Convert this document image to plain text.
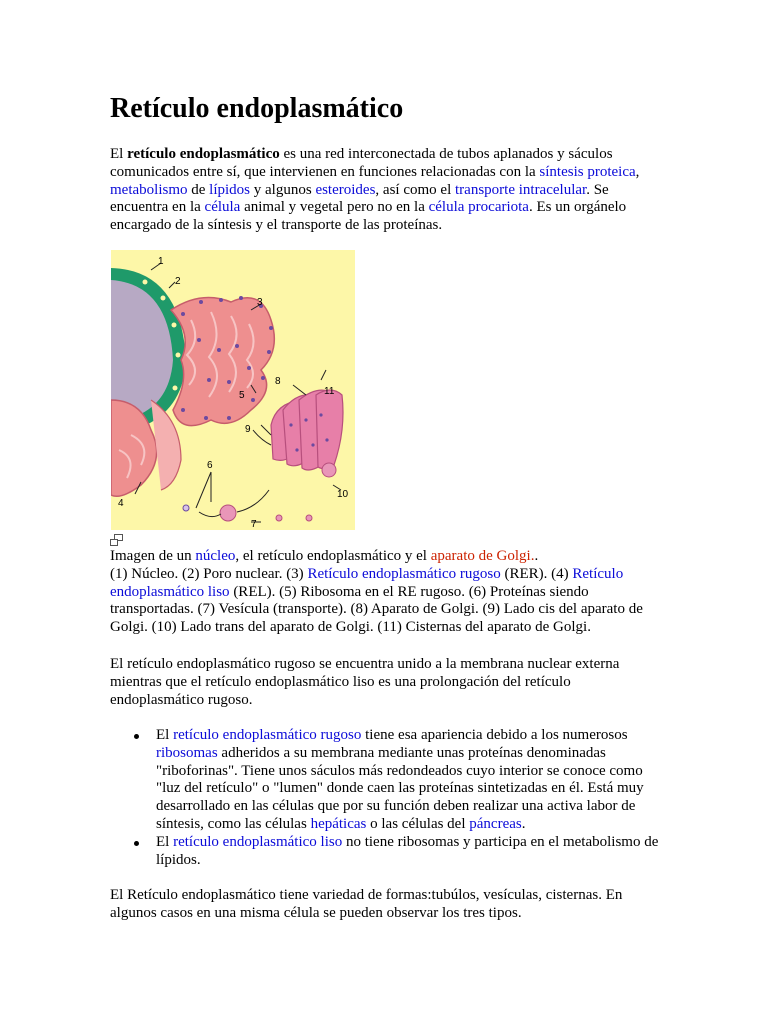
Retículo endoplasmático

El retículo endoplasmático es una red interconectada de tubos aplanados y sáculos comunicados entre sí, que intervienen en funciones relacionadas con la síntesis proteica, metabolismo de lípidos y algunos esteroides, así como el transporte intracelular. Se encuentra en la célula animal y vegetal pero no en la célula procariota. Es un orgánelo encargado de la síntesis y el transporte de las proteínas.

1
2
3
4
5
6
7
8
9
10
11

Imagen de un núcleo, el retículo endoplasmático y el aparato de Golgi..
(1) Núcleo. (2) Poro nuclear. (3) Retículo endoplasmático rugoso (RER). (4) Retículo endoplasmático liso (REL). (5) Ribosoma en el RE rugoso. (6) Proteínas siendo transportadas. (7) Vesícula (transporte). (8) Aparato de Golgi. (9) Lado cis del aparato de Golgi. (10) Lado trans del aparato de Golgi. (11) Cisternas del aparato de Golgi.

El retículo endoplasmático rugoso se encuentra unido a la membrana nuclear externa mientras que el retículo endoplasmático liso es una prolongación del retículo endoplasmático rugoso.

El retículo endoplasmático rugoso tiene esa apariencia debido a los numerosos ribosomas adheridos a su membrana mediante unas proteínas denominadas "riboforinas". Tiene unos sáculos más redondeados cuyo interior se conoce como "luz del retículo" o "lumen" donde caen las proteínas sintetizadas en él. Está muy desarrollado en las células que por su función deben realizar una activa labor de síntesis, como las células hepáticas o las células del páncreas.
El retículo endoplasmático liso no tiene ribosomas y participa en el metabolismo de lípidos.

El Retículo endoplasmático tiene variedad de formas:tubúlos, vesículas, cisternas. En algunos casos en una misma célula se pueden observar los tres tipos.
